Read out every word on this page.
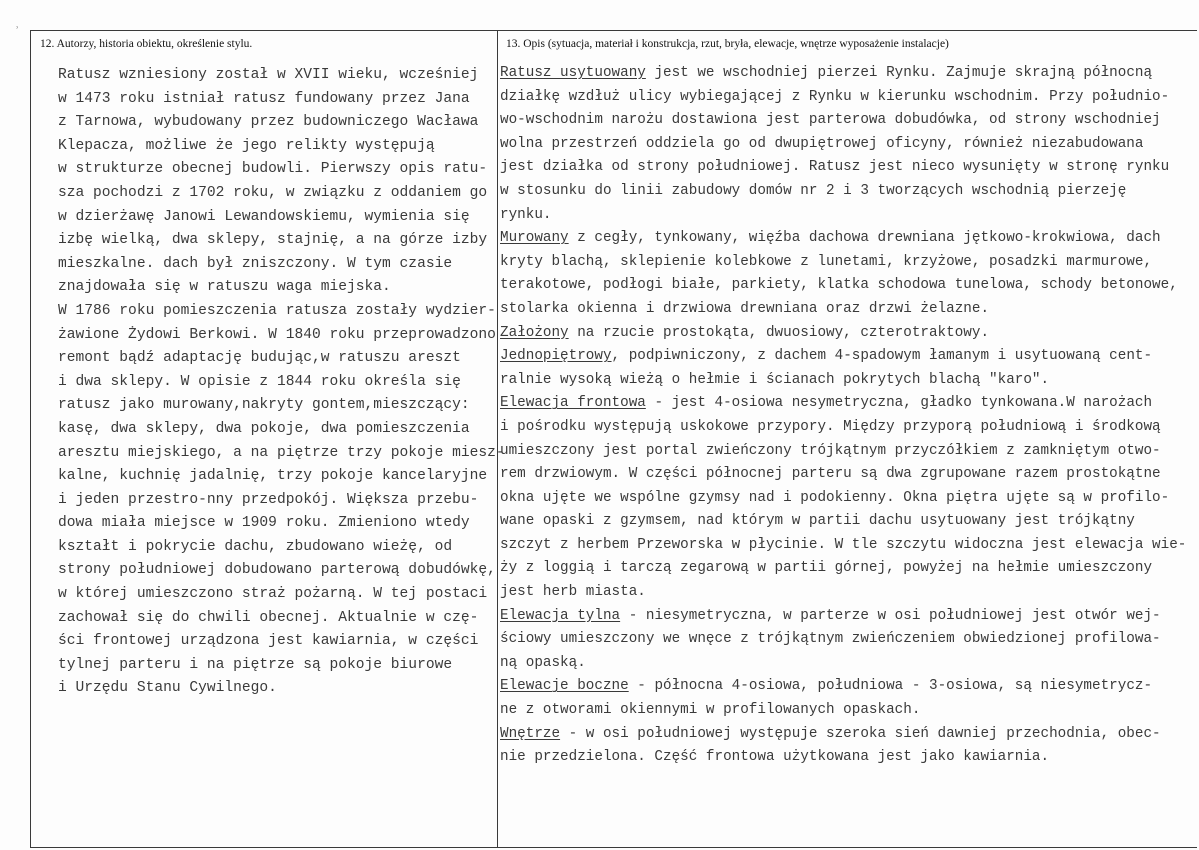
ʾ
12. Autorzy, historia obiektu, określenie stylu.	13. Opis (sytuacja, materiał i konstrukcja, rzut, bryła, elewacje, wnętrze wyposażenie instalacje)
Ratusz wzniesiony został w XVII wieku, wcześniej
w 1473 roku istniał ratusz fundowany przez Jana
z Tarnowa, wybudowany przez budowniczego Wacława
Klepacza, możliwe że jego relikty występują
w strukturze obecnej budowli. Pierwszy opis ratu-
sza pochodzi z 1702 roku, w związku z oddaniem go
w dzierżawę Janowi Lewandowskiemu, wymienia się
izbę wielką, dwa sklepy, stajnię, a na górze izby
mieszkalne. dach był zniszczony. W tym czasie
znajdowała się w ratuszu waga miejska.
W 1786 roku pomieszczenia ratusza zostały wydzier-
żawione Żydowi Berkowi. W 1840 roku przeprowadzono
remont bądź adaptację budując,w ratuszu areszt
i dwa sklepy. W opisie z 1844 roku określa się
ratusz jako murowany,nakryty gontem,mieszczący:
kasę, dwa sklepy, dwa pokoje, dwa pomieszczenia
aresztu miejskiego, a na piętrze trzy pokoje miesz-
kalne, kuchnię jadalnię, trzy pokoje kancelaryjne
i jeden przestro-nny przedpokój. Większa przebu-
dowa miała miejsce w 1909 roku. Zmieniono wtedy
kształt i pokrycie dachu, zbudowano wieżę, od
strony południowej dobudowano parterową dobudówkę,
w której umieszczono straż pożarną. W tej postaci
zachował się do chwili obecnej. Aktualnie w czę-
ści frontowej urządzona jest kawiarnia, w części
tylnej parteru i na piętrze są pokoje biurowe
i Urzędu Stanu Cywilnego.
Ratusz usytuowany jest we wschodniej pierzei Rynku. Zajmuje skrajną północną
działkę wzdłuż ulicy wybiegającej z Rynku w kierunku wschodnim. Przy południo-
wo-wschodnim narożu dostawiona jest parterowa dobudówka, od strony wschodniej
wolna przestrzeń oddziela go od dwupiętrowej oficyny, również niezabudowana
jest działka od strony południowej. Ratusz jest nieco wysunięty w stronę rynku
w stosunku do linii zabudowy domów nr 2 i 3 tworzących wschodnią pierzeję
rynku.
Murowany z cegły, tynkowany, więźba dachowa drewniana jętkowo-krokwiowa, dach
kryty blachą, sklepienie kolebkowe z lunetami, krzyżowe, posadzki marmurowe,
terakotowe, podłogi białe, parkiety, klatka schodowa tunelowa, schody betonowe,
stolarka okienna i drzwiowa drewniana oraz drzwi żelazne.
Założony na rzucie prostokąta, dwuosiowy, czterotraktowy.
Jednopiętrowy, podpiwniczony, z dachem 4-spadowym łamanym i usytuowaną cent-
ralnie wysoką wieżą o hełmie i ścianach pokrytych blachą "karo".
Elewacja frontowa - jest 4-osiowa nesymetryczna, gładko tynkowana.W narożach
i pośrodku występują uskokowe przypory. Między przyporą południową i środkową
umieszczony jest portal zwieńczony trójkątnym przyczółkiem z zamkniętym otwo-
rem drzwiowym. W części północnej parteru są dwa zgrupowane razem prostokątne
okna ujęte we wspólne gzymsy nad i podokienny. Okna piętra ujęte są w profilo-
wane opaski z gzymsem, nad którym w partii dachu usytuowany jest trójkątny
szczyt z herbem Przeworska w płycinie. W tle szczytu widoczna jest elewacja wie-
ży z loggią i tarczą zegarową w partii górnej, powyżej na hełmie umieszczony
jest herb miasta.
Elewacja tylna - niesymetryczna, w parterze w osi południowej jest otwór wej-
ściowy umieszczony we wnęce z trójkątnym zwieńczeniem obwiedzionej profilowa-
ną opaską.
Elewacje boczne - północna 4-osiowa, południowa - 3-osiowa, są niesymetrycz-
ne z otworami okiennymi w profilowanych opaskach.
Wnętrze - w osi południowej występuje szeroka sień dawniej przechodnia, obec-
nie przedzielona. Część frontowa użytkowana jest jako kawiarnia.
